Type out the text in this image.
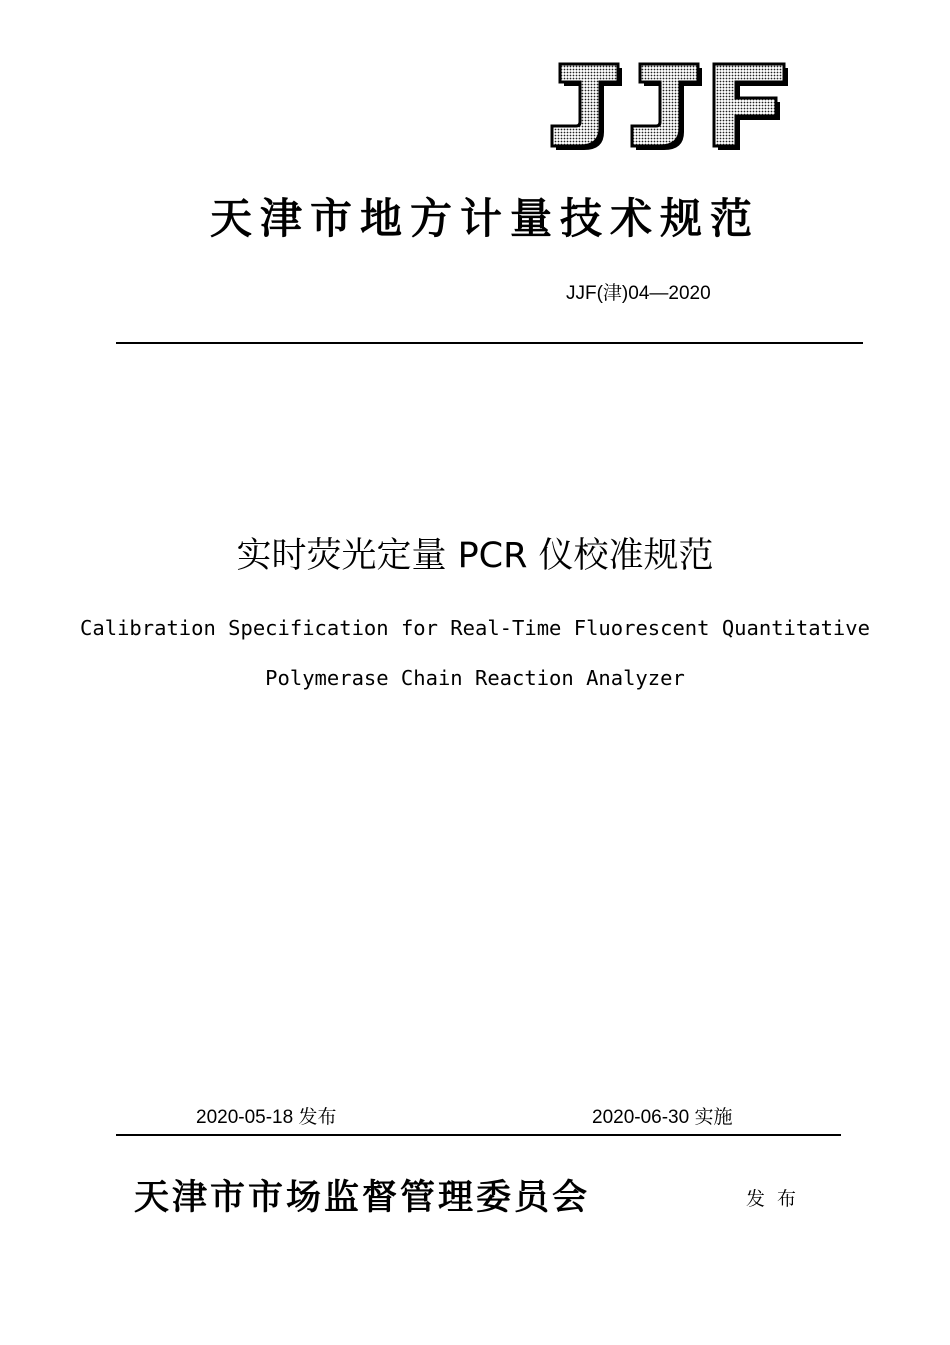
天津市地方计量技术规范
JJF(津)04—2020
实时荧光定量 PCR 仪校准规范
Calibration Specification for Real-Time Fluorescent Quantitative
Polymerase Chain Reaction Analyzer
2020-05-18 发布	2020-06-30 实施
天津市市场监督管理委员会	发布
